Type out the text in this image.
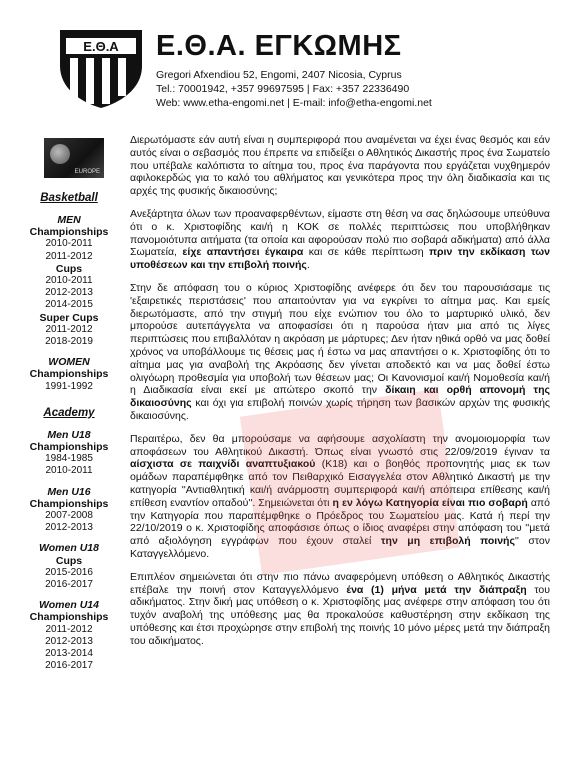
Ε.Θ.Α Ε.Θ.Α. ΕΓΚΩΜΗΣ
Gregori Afxendiou 52, Engomi, 2407 Nicosia, Cyprus
Tel.: 70001942, +357 99697595 | Fax: +357 22336490
Web: www.etha-engomi.net | E-mail: info@etha-engomi.net
EUROPE
Basketball
MEN
Championships
2010-2011
2011-2012
Cups
2010-2011
2012-2013
2014-2015
Super Cups
2011-2012
2018-2019
WOMEN
Championships
1991-1992
Academy
Men U18
Championships
1984-1985
2010-2011
Men U16
Championships
2007-2008
2012-2013
Women U18
Cups
2015-2016
2016-2017
Women U14
Championships
2011-2012
2012-2013
2013-2014
2016-2017

Διερωτόμαστε εάν αυτή είναι η συμπεριφορά που αναμένεται να έχει ένας θεσμός και εάν αυτός είναι ο σεβασμός που έπρεπε να επιδείξει ο Αθλητικός Δικαστής προς ένα Σωματείο που υπέβαλε καλόπιστα το αίτημα του, προς ένα παράγοντα που εργάζεται νυχθημερόν αφιλοκερδώς για το καλό του αθλήματος και γενικότερα προς την όλη διαδικασία και τις αρχές της φυσικής δικαιοσύνης;

Ανεξάρτητα όλων των προαναφερθέντων, είμαστε στη θέση να σας δηλώσουμε υπεύθυνα ότι ο κ. Χριστοφίδης και/ή η ΚΟΚ σε πολλές περιπτώσεις που υποβλήθηκαν πανομοιότυπα αιτήματα (τα οποία και αφορούσαν πολύ πιο σοβαρά αδικήματα) από άλλα Σωματεία, είχε απαντήσει έγκαιρα και σε κάθε περίπτωση πριν την εκδίκαση των υποθέσεων και την επιβολή ποινής.

Στην δε απόφαση του ο κύριος Χριστοφίδης ανέφερε ότι δεν του παρουσιάσαμε τις 'εξαιρετικές περιστάσεις' που απαιτούνταν για να εγκρίνει το αίτημα μας. Και εμείς διερωτόμαστε, από την στιγμή που είχε ενώπιον του όλο το μαρτυρικό υλικό, δεν μπορούσε αυτεπάγγελτα να αποφασίσει ότι η παρούσα ήταν μια από τις λίγες περιπτώσεις που επιβαλλόταν η ακρόαση με μάρτυρες; Δεν ήταν ηθικά ορθό να μας δοθεί χρόνος να υποβάλλουμε τις θέσεις μας ή έστω να μας απαντήσει ο κ. Χριστοφίδης ότι το αίτημα μας για αναβολή της Ακρόασης δεν γίνεται αποδεκτό και να μας δοθεί έστω ολιγόωρη προθεσμία για υποβολή των θέσεων μας; Οι Κανονισμοί και/ή Νομοθεσία και/ή η Διαδικασία είναι εκεί με απώτερο σκοπό την δίκαιη και ορθή απονομή της δικαιοσύνης και όχι για επιβολή ποινών χωρίς τήρηση των βασικών αρχών της φυσικής δικαιοσύνης.

Περαιτέρω, δεν θα μπορούσαμε να αφήσουμε ασχολίαστη την ανομοιομορφία των αποφάσεων του Αθλητικού Δικαστή. Όπως είναι γνωστό στις 22/09/2019 έγιναν τα αίσχιστα σε παιχνίδι αναπτυξιακού (Κ18) και ο βοηθός προπονητής μιας εκ των ομάδων παραπέμφθηκε από τον Πειθαρχικό Εισαγγελέα στον Αθλητικό Δικαστή με την κατηγορία ''Αντιαθλητική και/ή ανάρμοστη συμπεριφορά και/ή απόπειρα επίθεσης και/ή επίθεση εναντίον οπαδού''. Σημειώνεται ότι η εν λόγω Κατηγορία είναι πιο σοβαρή από την Κατηγορία που παραπέμφθηκε ο Πρόεδρος του Σωματείου μας. Κατά ή περί την 22/10/2019 ο κ. Χριστοφίδης αποφάσισε όπως ο ίδιος αναφέρει στην απόφαση του ''μετά από αξιολόγηση εγγράφων που έχουν σταλεί την μη επιβολή ποινής'' στον Καταγγελλόμενο.

Επιπλέον σημειώνεται ότι στην πιο πάνω αναφερόμενη υπόθεση ο Αθλητικός Δικαστής επέβαλε την ποινή στον Καταγγελλόμενο ένα (1) μήνα μετά την διάπραξη του αδικήματος. Στην δική μας υπόθεση ο κ. Χριστοφίδης μας ανέφερε στην απόφαση του ότι τυχόν αναβολή της υπόθεσης μας θα προκαλούσε καθυστέρηση στην εκδίκαση της υπόθεσης και έτσι προχώρησε στην επιβολή της ποινής 10 μόνο μέρες μετά την διάπραξη του αδικήματος.
